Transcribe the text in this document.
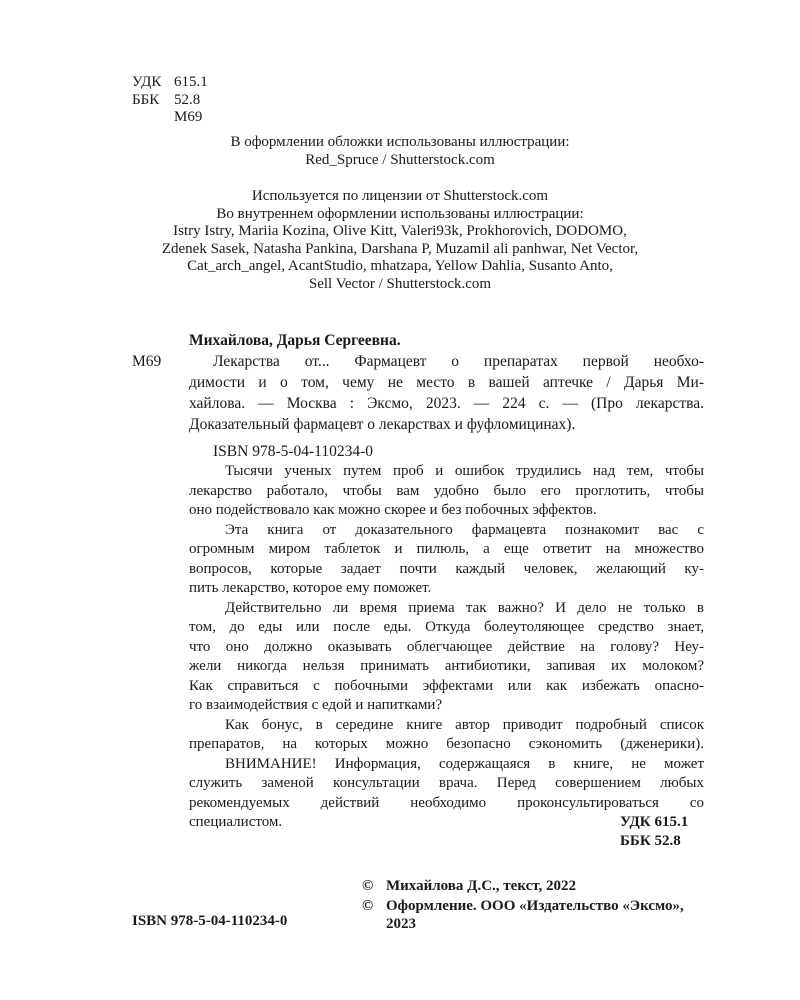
УДК 615.1
ББК 52.8
М69
В оформлении обложки использованы иллюстрации:
Red_Spruce / Shutterstock.com
Используется по лицензии от Shutterstock.com
Во внутреннем оформлении использованы иллюстрации:
Istry Istry, Mariia Kozina, Olive Kitt, Valeri93k, Prokhorovich, DODOMO,
Zdenek Sasek, Natasha Pankina, Darshana P, Muzamil ali panhwar, Net Vector,
Cat_arch_angel, AcantStudio, mhatzapa, Yellow Dahlia, Susanto Anto,
Sell Vector / Shutterstock.com
Михайлова, Дарья Сергеевна.
М69	Лекарства от... Фармацевт о препаратах первой необхо-
димости и о том, чему не место в вашей аптечке / Дарья Ми-
хайлова. — Москва : Эксмо, 2023. — 224 с. — (Про лекарства.
Доказательный фармацевт о лекарствах и фуфломицинах).
ISBN 978-5-04-110234-0
Тысячи ученых путем проб и ошибок трудились над тем, чтобы
лекарство работало, чтобы вам удобно было его проглотить, чтобы
оно подействовало как можно скорее и без побочных эффектов.
Эта книга от доказательного фармацевта познакомит вас с
огромным миром таблеток и пилюль, а еще ответит на множество
вопросов, которые задает почти каждый человек, желающий ку-
пить лекарство, которое ему поможет.
Действительно ли время приема так важно? И дело не только в
том, до еды или после еды. Откуда болеутоляющее средство знает,
что оно должно оказывать облегчающее действие на голову? Неу-
жели никогда нельзя принимать антибиотики, запивая их молоком?
Как справиться с побочными эффектами или как избежать опасно-
го взаимодействия с едой и напитками?
Как бонус, в середине книге автор приводит подробный список
препаратов, на которых можно безопасно сэкономить (дженерики).
ВНИМАНИЕ! Информация, содержащаяся в книге, не может
служить заменой консультации врача. Перед совершением любых
рекомендуемых действий необходимо проконсультироваться со
специалистом.	УДК 615.1
ББК 52.8
© Михайлова Д.С., текст, 2022
© Оформление. ООО «Издательство «Эксмо»,
2023
ISBN 978-5-04-110234-0
